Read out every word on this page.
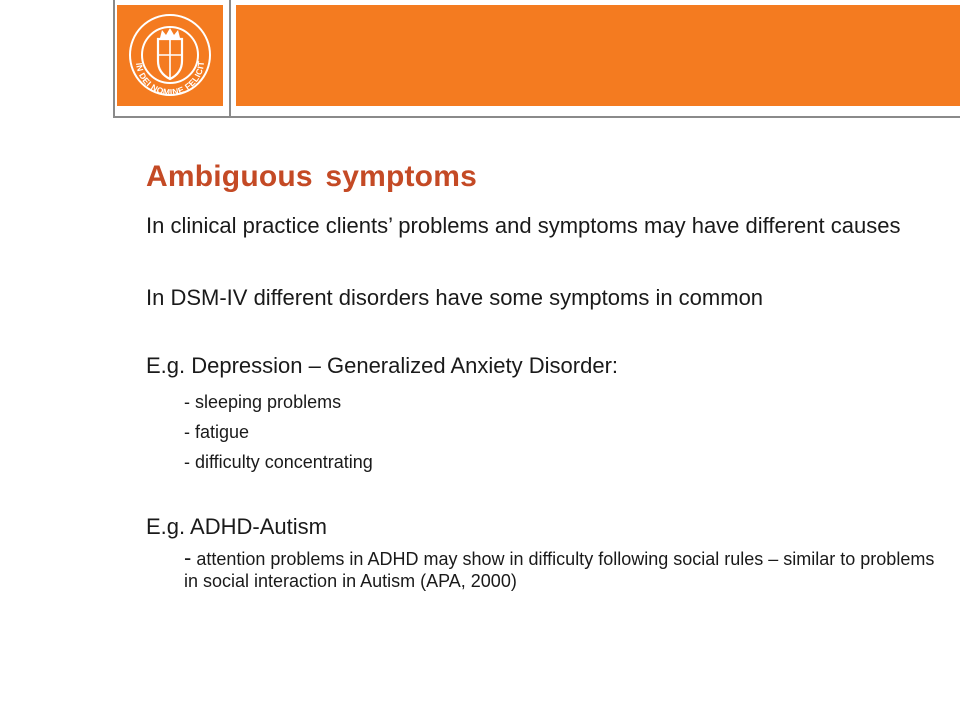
IN DEI NOMINE FELICIT
Ambiguous symptoms

In clinical practice clients’ problems and symptoms may have different causes

In DSM-IV different disorders have some symptoms in common

E.g. Depression – Generalized Anxiety Disorder:

- sleeping problems

- fatigue

- difficulty concentrating

E.g. ADHD-Autism

- attention problems in ADHD may show in difficulty following social rules – similar to problems in social interaction in Autism (APA, 2000)
